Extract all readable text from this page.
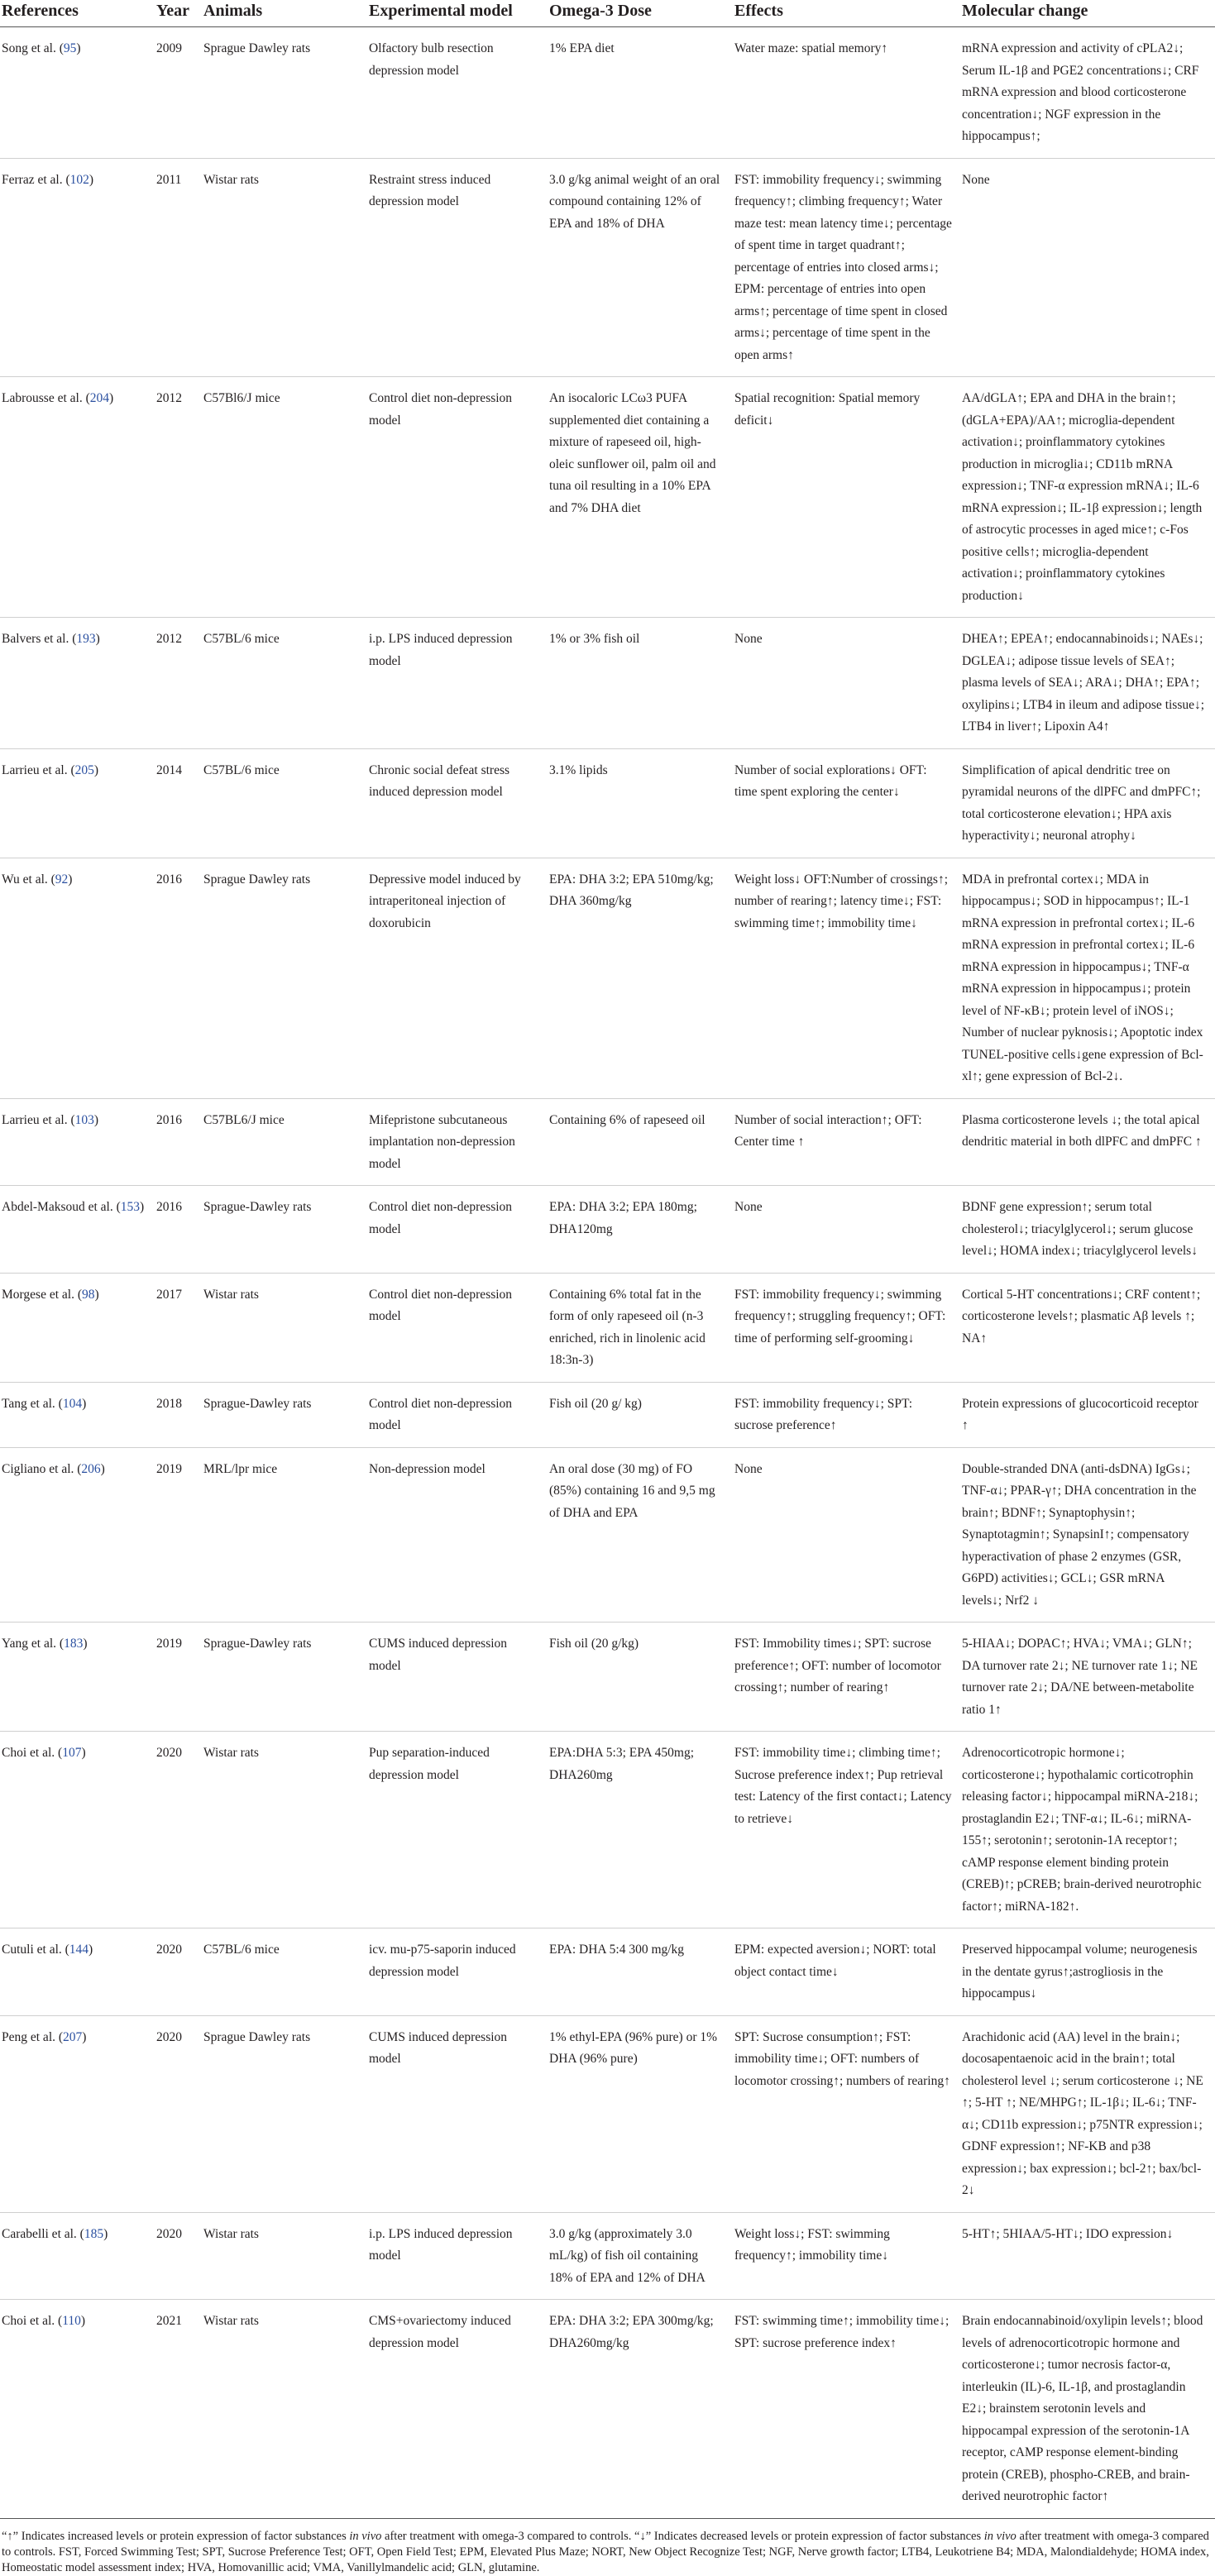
References	Year	Animals	Experimental model	Omega-3 Dose	Effects	Molecular change
Song et al. (95)	2009	Sprague Dawley rats	Olfactory bulb resection depression model	1% EPA diet	Water maze: spatial memory↑	mRNA expression and activity of cPLA2↓; Serum IL-1β and PGE2 concentrations↓; CRF mRNA expression and blood corticosterone concentration↓; NGF expression in the hippocampus↑;
Ferraz et al. (102)	2011	Wistar rats	Restraint stress induced depression model	3.0 g/kg animal weight of an oral compound containing 12% of EPA and 18% of DHA	FST: immobility frequency↓; swimming frequency↑; climbing frequency↑; Water maze test: mean latency time↓; percentage of spent time in target quadrant↑; percentage of entries into closed arms↓; EPM: percentage of entries into open arms↑; percentage of time spent in closed arms↓; percentage of time spent in the open arms↑	None
Labrousse et al. (204)	2012	C57Bl6/J mice	Control diet non-depression model	An isocaloric LCω3 PUFA supplemented diet containing a mixture of rapeseed oil, high-oleic sunflower oil, palm oil and tuna oil resulting in a 10% EPA and 7% DHA diet	Spatial recognition: Spatial memory deficit↓	AA/dGLA↑; EPA and DHA in the brain↑; (dGLA+EPA)/AA↑; microglia-dependent activation↓; proinflammatory cytokines production in microglia↓; CD11b mRNA expression↓; TNF-α expression mRNA↓; IL-6 mRNA expression↓; IL-1β expression↓; length of astrocytic processes in aged mice↑; c-Fos positive cells↑; microglia-dependent activation↓; proinflammatory cytokines production↓
Balvers et al. (193)	2012	C57BL/6 mice	i.p. LPS induced depression model	1% or 3% fish oil	None	DHEA↑; EPEA↑; endocannabinoids↓; NAEs↓; DGLEA↓; adipose tissue levels of SEA↑; plasma levels of SEA↓; ARA↓; DHA↑; EPA↑; oxylipins↓; LTB4 in ileum and adipose tissue↓; LTB4 in liver↑; Lipoxin A4↑
Larrieu et al. (205)	2014	C57BL/6 mice	Chronic social defeat stress induced depression model	3.1% lipids	Number of social explorations↓ OFT: time spent exploring the center↓	Simplification of apical dendritic tree on pyramidal neurons of the dlPFC and dmPFC↑; total corticosterone elevation↓; HPA axis hyperactivity↓; neuronal atrophy↓
Wu et al. (92)	2016	Sprague Dawley rats	Depressive model induced by intraperitoneal injection of doxorubicin	EPA: DHA 3:2; EPA 510mg/kg; DHA 360mg/kg	Weight loss↓ OFT:Number of crossings↑; number of rearing↑; latency time↓; FST: swimming time↑; immobility time↓	MDA in prefrontal cortex↓; MDA in hippocampus↓; SOD in hippocampus↑; IL-1 mRNA expression in prefrontal cortex↓; IL-6 mRNA expression in prefrontal cortex↓; IL-6 mRNA expression in hippocampus↓; TNF-α mRNA expression in hippocampus↓; protein level of NF-κB↓; protein level of iNOS↓; Number of nuclear pyknosis↓; Apoptotic index TUNEL-positive cells↓gene expression of Bcl-xl↑; gene expression of Bcl-2↓.
Larrieu et al. (103)	2016	C57BL6/J mice	Mifepristone subcutaneous implantation non-depression model	Containing 6% of rapeseed oil	Number of social interaction↑; OFT: Center time ↑	Plasma corticosterone levels ↓; the total apical dendritic material in both dlPFC and dmPFC ↑
Abdel-Maksoud et al. (153)	2016	Sprague-Dawley rats	Control diet non-depression model	EPA: DHA 3:2; EPA 180mg; DHA120mg	None	BDNF gene expression↑; serum total cholesterol↓; triacylglycerol↓; serum glucose level↓; HOMA index↓; triacylglycerol levels↓
Morgese et al. (98)	2017	Wistar rats	Control diet non-depression model	Containing 6% total fat in the form of only rapeseed oil (n-3 enriched, rich in linolenic acid 18:3n-3)	FST: immobility frequency↓; swimming frequency↑; struggling frequency↑; OFT: time of performing self-grooming↓	Cortical 5-HT concentrations↓; CRF content↑; corticosterone levels↑; plasmatic Aβ levels ↑; NA↑
Tang et al. (104)	2018	Sprague-Dawley rats	Control diet non-depression model	Fish oil (20 g/ kg)	FST: immobility frequency↓; SPT: sucrose preference↑	Protein expressions of glucocorticoid receptor ↑
Cigliano et al. (206)	2019	MRL/lpr mice	Non-depression model	An oral dose (30 mg) of FO (85%) containing 16 and 9,5 mg of DHA and EPA	None	Double-stranded DNA (anti-dsDNA) IgGs↓; TNF-α↓; PPAR-γ↑; DHA concentration in the brain↑; BDNF↑; Synaptophysin↑; Synaptotagmin↑; SynapsinI↑; compensatory hyperactivation of phase 2 enzymes (GSR, G6PD) activities↓; GCL↓; GSR mRNA levels↓; Nrf2 ↓
Yang et al. (183)	2019	Sprague-Dawley rats	CUMS induced depression model	Fish oil (20 g/kg)	FST: Immobility times↓; SPT: sucrose preference↑; OFT: number of locomotor crossing↑; number of rearing↑	5-HIAA↓; DOPAC↑; HVA↓; VMA↓; GLN↑; DA turnover rate 2↓; NE turnover rate 1↓; NE turnover rate 2↓; DA/NE between-metabolite ratio 1↑
Choi et al. (107)	2020	Wistar rats	Pup separation-induced depression model	EPA:DHA 5:3; EPA 450mg; DHA260mg	FST: immobility time↓; climbing time↑; Sucrose preference index↑; Pup retrieval test: Latency of the first contact↓; Latency to retrieve↓	Adrenocorticotropic hormone↓; corticosterone↓; hypothalamic corticotrophin releasing factor↓; hippocampal miRNA-218↓; prostaglandin E2↓; TNF-α↓; IL-6↓; miRNA-155↑; serotonin↑; serotonin-1A receptor↑; cAMP response element binding protein (CREB)↑; pCREB; brain-derived neurotrophic factor↑; miRNA-182↑.
Cutuli et al. (144)	2020	C57BL/6 mice	icv. mu-p75-saporin induced depression model	EPA: DHA 5:4 300 mg/kg	EPM: expected aversion↓; NORT: total object contact time↓	Preserved hippocampal volume; neurogenesis in the dentate gyrus↑;astrogliosis in the hippocampus↓
Peng et al. (207)	2020	Sprague Dawley rats	CUMS induced depression model	1% ethyl-EPA (96% pure) or 1% DHA (96% pure)	SPT: Sucrose consumption↑; FST: immobility time↓; OFT: numbers of locomotor crossing↑; numbers of rearing↑	Arachidonic acid (AA) level in the brain↓; docosapentaenoic acid in the brain↑; total cholesterol level ↓; serum corticosterone ↓; NE ↑; 5-HT ↑; NE/MHPG↑; IL-1β↓; IL-6↓; TNF-α↓; CD11b expression↓; p75NTR expression↓; GDNF expression↑; NF-KB and p38 expression↓; bax expression↓; bcl-2↑; bax/bcl-2↓
Carabelli et al. (185)	2020	Wistar rats	i.p. LPS induced depression model	3.0 g/kg (approximately 3.0 mL/kg) of fish oil containing 18% of EPA and 12% of DHA	Weight loss↓; FST: swimming frequency↑; immobility time↓	5-HT↑; 5HIAA/5-HT↓; IDO expression↓
Choi et al. (110)	2021	Wistar rats	CMS+ovariectomy induced depression model	EPA: DHA 3:2; EPA 300mg/kg; DHA260mg/kg	FST: swimming time↑; immobility time↓; SPT: sucrose preference index↑	Brain endocannabinoid/oxylipin levels↑; blood levels of adrenocorticotropic hormone and corticosterone↓; tumor necrosis factor-α, interleukin (IL)-6, IL-1β, and prostaglandin E2↓; brainstem serotonin levels and hippocampal expression of the serotonin-1A receptor, cAMP response element-binding protein (CREB), phospho-CREB, and brain-derived neurotrophic factor↑

“↑” Indicates increased levels or protein expression of factor substances in vivo after treatment with omega-3 compared to controls. “↓” Indicates decreased levels or protein expression of factor substances in vivo after treatment with omega-3 compared to controls. FST, Forced Swimming Test; SPT, Sucrose Preference Test; OFT, Open Field Test; EPM, Elevated Plus Maze; NORT, New Object Recognize Test; NGF, Nerve growth factor; LTB4, Leukotriene B4; MDA, Malondialdehyde; HOMA index, Homeostatic model assessment index; HVA, Homovanillic acid; VMA, Vanillylmandelic acid; GLN, glutamine.
